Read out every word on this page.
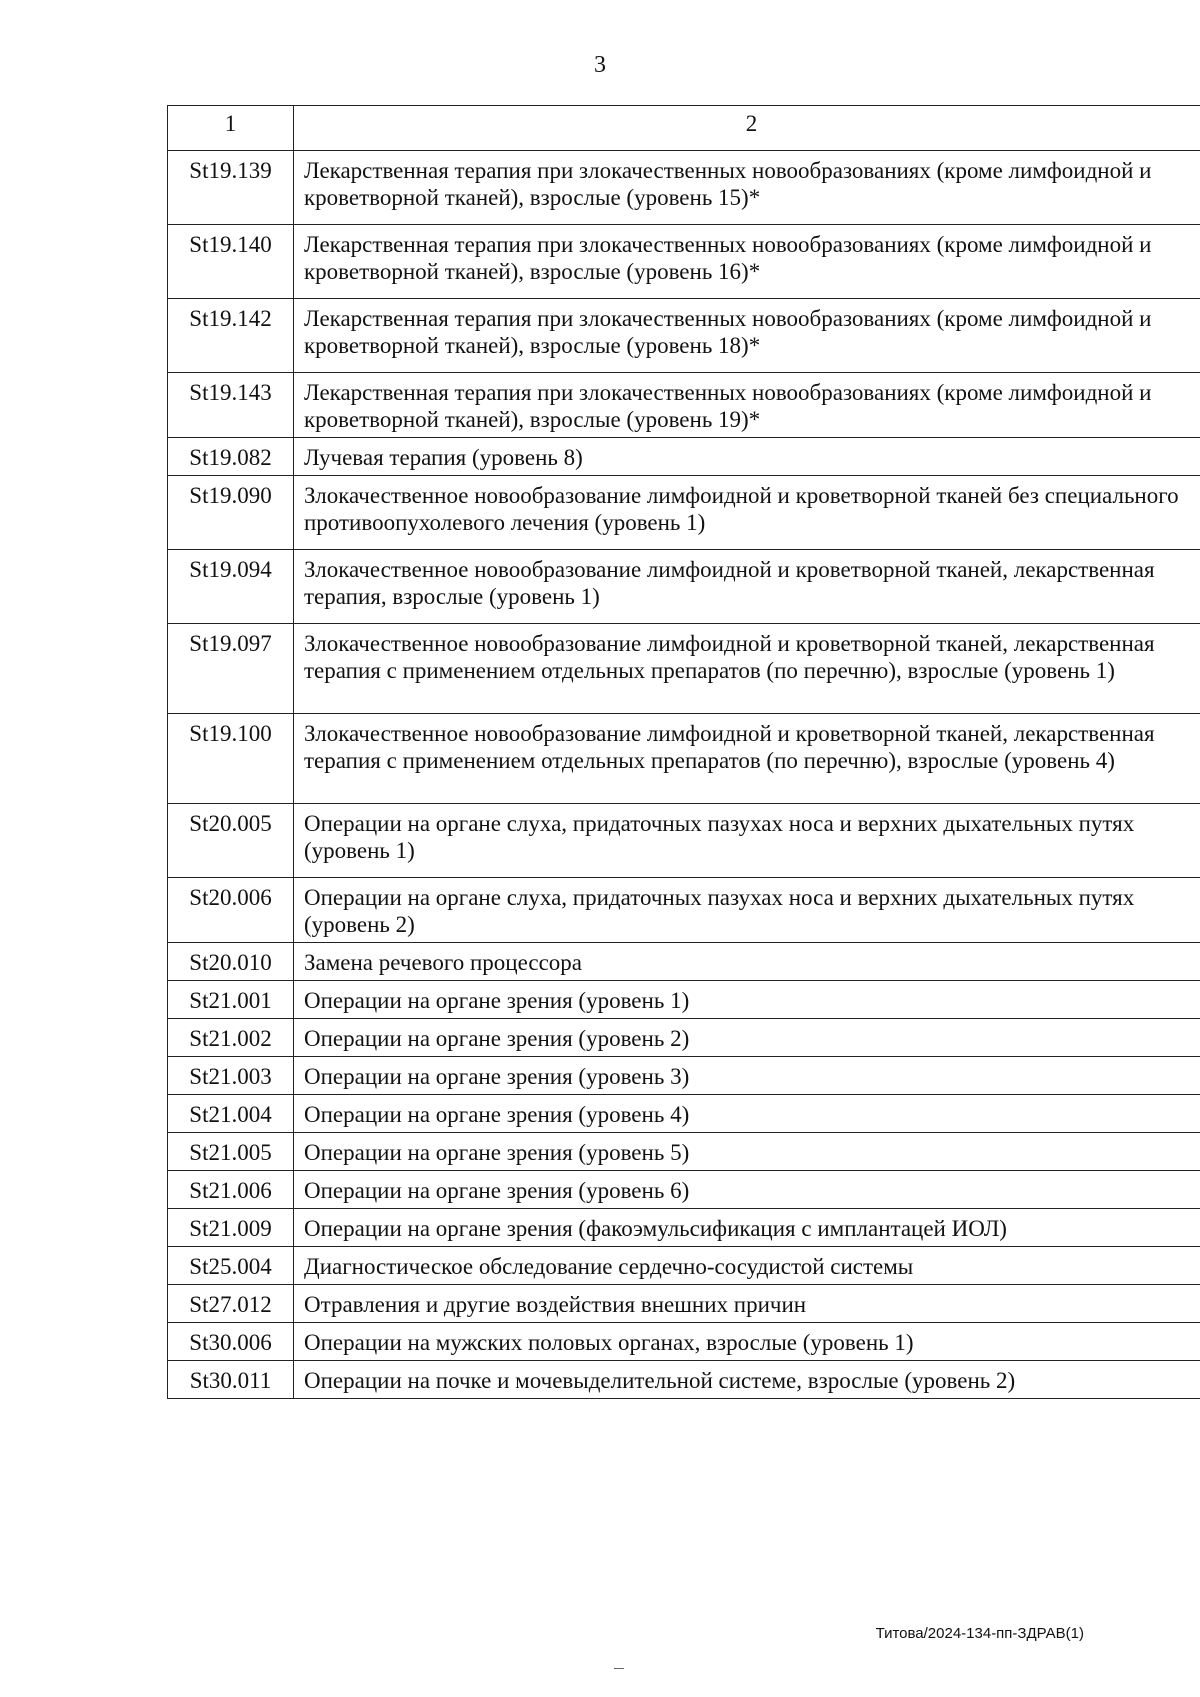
3
1	2
St19.139	Лекарственная терапия при злокачественных новообразованиях (кроме лимфоидной и кроветворной тканей), взрослые (уровень 15)*
St19.140	Лекарственная терапия при злокачественных новообразованиях (кроме лимфоидной и кроветворной тканей), взрослые (уровень 16)*
St19.142	Лекарственная терапия при злокачественных новообразованиях (кроме лимфоидной и кроветворной тканей), взрослые (уровень 18)*
St19.143	Лекарственная терапия при злокачественных новообразованиях (кроме лимфоидной и кроветворной тканей), взрослые (уровень 19)*
St19.082	Лучевая терапия (уровень 8)
St19.090	Злокачественное новообразование лимфоидной и кроветворной тканей без специального противоопухолевого лечения (уровень 1)
St19.094	Злокачественное новообразование лимфоидной и кроветворной тканей, лекарственная терапия, взрослые (уровень 1)
St19.097	Злокачественное новообразование лимфоидной и кроветворной тканей, лекарственная терапия с применением отдельных препаратов (по перечню), взрослые (уровень 1)
St19.100	Злокачественное новообразование лимфоидной и кроветворной тканей, лекарственная терапия с применением отдельных препаратов (по перечню), взрослые (уровень 4)
St20.005	Операции на органе слуха, придаточных пазухах носа и верхних дыхательных путях (уровень 1)
St20.006	Операции на органе слуха, придаточных пазухах носа и верхних дыхательных путях (уровень 2)
St20.010	Замена речевого процессора
St21.001	Операции на органе зрения (уровень 1)
St21.002	Операции на органе зрения (уровень 2)
St21.003	Операции на органе зрения (уровень 3)
St21.004	Операции на органе зрения (уровень 4)
St21.005	Операции на органе зрения (уровень 5)
St21.006	Операции на органе зрения (уровень 6)
St21.009	Операции на органе зрения (факоэмульсификация с имплантацей ИОЛ)
St25.004	Диагностическое обследование сердечно-сосудистой системы
St27.012	Отравления и другие воздействия внешних причин
St30.006	Операции на мужских половых органах, взрослые (уровень 1)
St30.011	Операции на почке и мочевыделительной системе, взрослые (уровень 2)
Титова/2024-134-пп-ЗДРАВ(1)
